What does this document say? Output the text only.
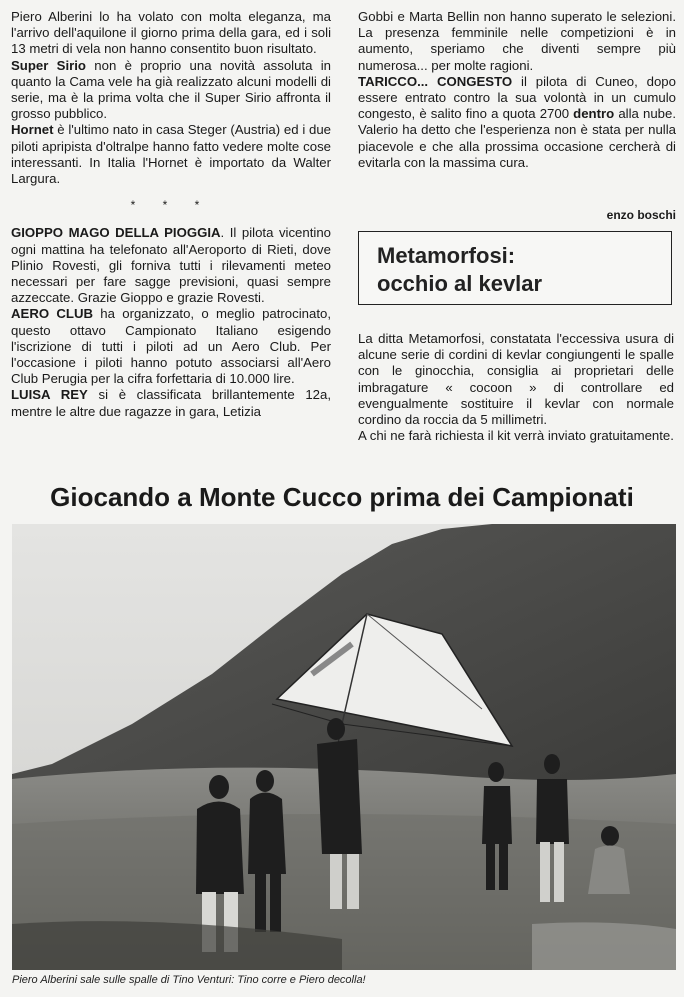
Piero Alberini lo ha volato con molta eleganza, ma l'arrivo dell'aquilone il giorno prima della gara, ed i soli 13 metri di vela non hanno consentito buon risultato.

Super Sirio non è proprio una novità assoluta in quanto la Cama vele ha già realizzato alcuni modelli di serie, ma è la prima volta che il Super Sirio affronta il grosso pubblico.

Hornet è l'ultimo nato in casa Steger (Austria) ed i due piloti apripista d'oltralpe hanno fatto vedere molte cose interessanti. In Italia l'Hornet è importato da Walter Largura.

* * *

GIOPPO MAGO DELLA PIOGGIA. Il pilota vicentino ogni mattina ha telefonato all'Aeroporto di Rieti, dove Plinio Rovesti, gli forniva tutti i rilevamenti meteo necessari per fare sagge previsioni, quasi sempre azzeccate. Grazie Gioppo e grazie Rovesti.

AERO CLUB ha organizzato, o meglio patrocinato, questo ottavo Campionato Italiano esigendo l'iscrizione di tutti i piloti ad un Aero Club. Per l'occasione i piloti hanno potuto associarsi all'Aero Club Perugia per la cifra forfettaria di 10.000 lire.

LUISA REY si è classificata brillantemente 12a, mentre le altre due ragazze in gara, Letizia

Gobbi e Marta Bellin non hanno superato le selezioni. La presenza femminile nelle competizioni è in aumento, speriamo che diventi sempre più numerosa... per molte ragioni.

TARICCO... CONGESTO il pilota di Cuneo, dopo essere entrato contro la sua volontà in un cumulo congesto, è salito fino a quota 2700 dentro alla nube. Valerio ha detto che l'esperienza non è stata per nulla piacevole e che alla prossima occasione cercherà di evitarla con la massima cura.

enzo boschi
Metamorfosi:
occhio al kevlar

La ditta Metamorfosi, constatata l'eccessiva usura di alcune serie di cordini di kevlar congiungenti le spalle con le ginocchia, consiglia ai proprietari delle imbragature « cocoon » di controllare ed evengualmente sostituire il kevlar con normale cordino da roccia da 5 millimetri.

A chi ne farà richiesta il kit verrà inviato gratuitamente.

Giocando a Monte Cucco prima dei Campionati
Piero Alberini sale sulle spalle di Tino Venturi: Tino corre e Piero decolla!
